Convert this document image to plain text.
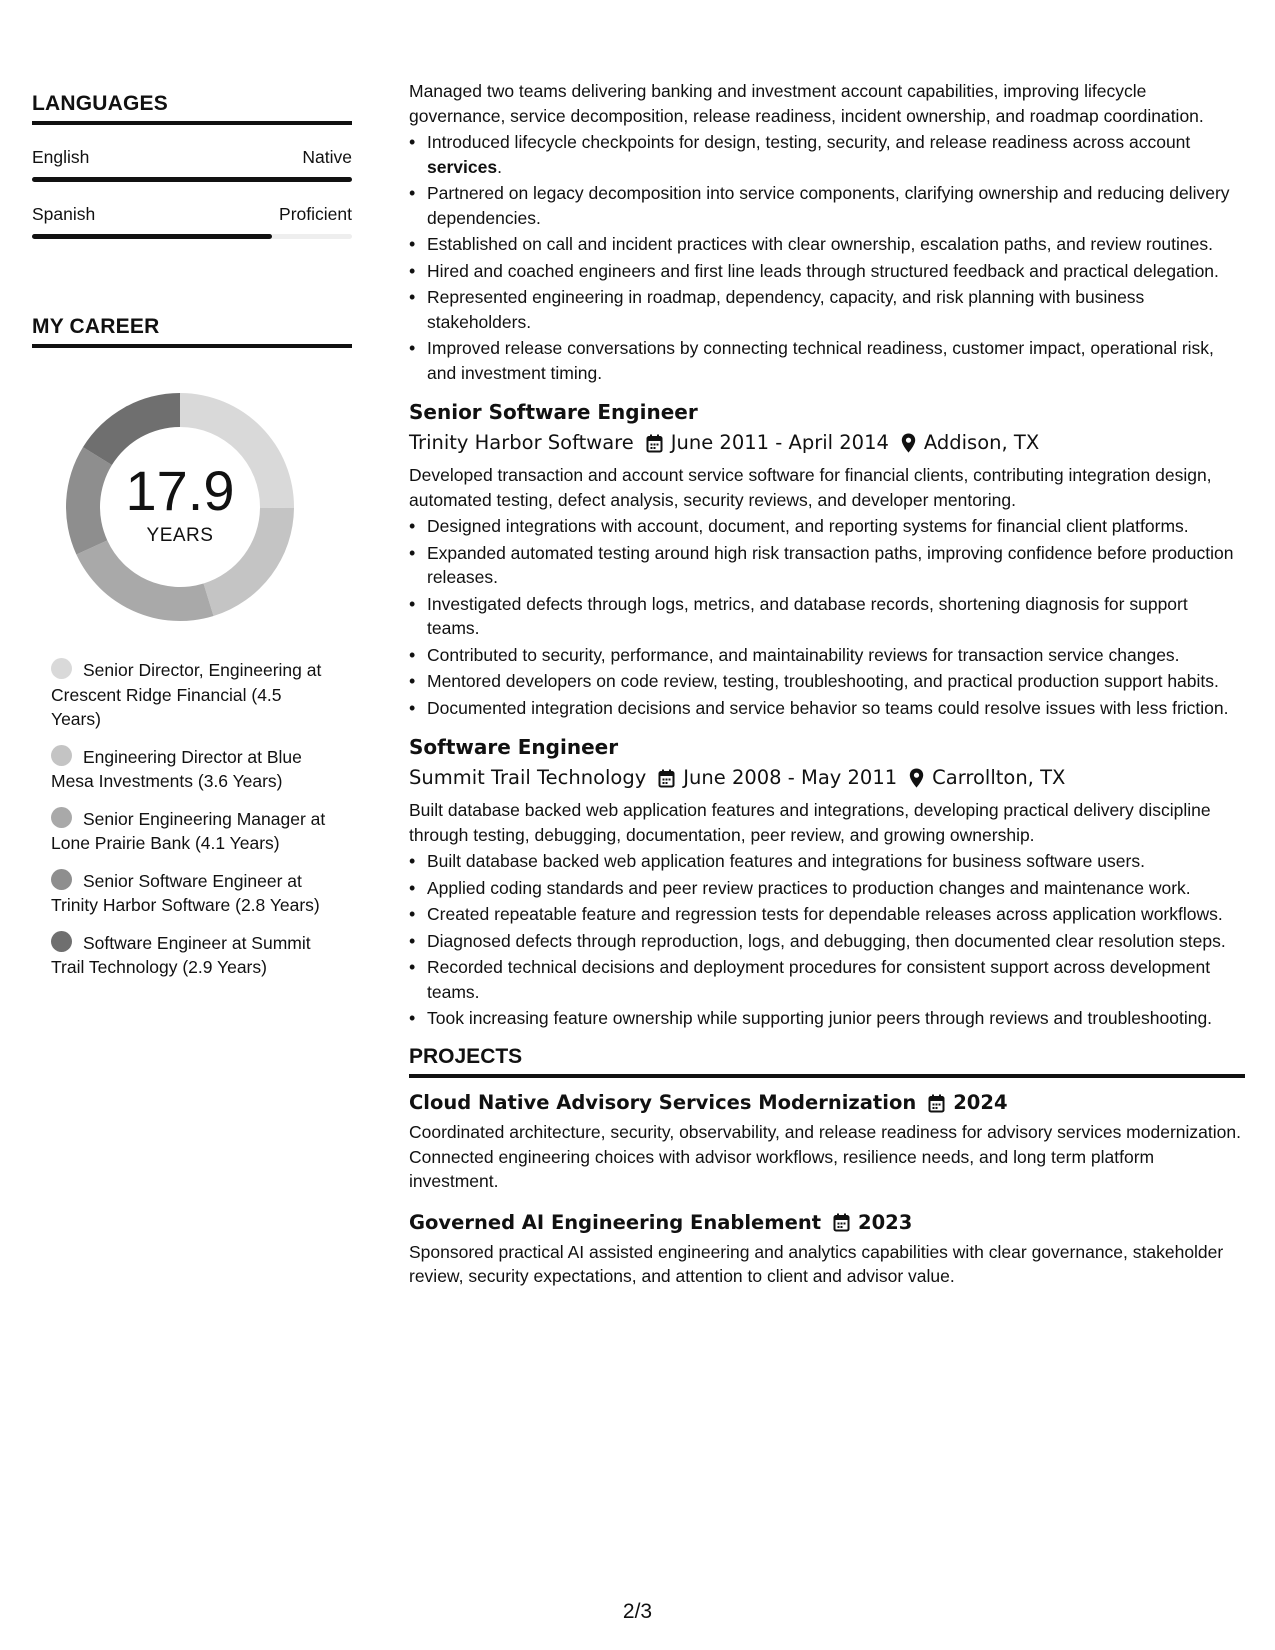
LANGUAGES
English	Native
Spanish	Proficient
MY CAREER
17.9
YEARS
Senior Director, Engineering at Crescent Ridge Financial (4.5 Years)
Engineering Director at Blue Mesa Investments (3.6 Years)
Senior Engineering Manager at Lone Prairie Bank (4.1 Years)
Senior Software Engineer at Trinity Harbor Software (2.8 Years)
Software Engineer at Summit Trail Technology (2.9 Years)

Managed two teams delivering banking and investment account capabilities, improving lifecycle governance, service decomposition, release readiness, incident ownership, and roadmap coordination.

• Introduced lifecycle checkpoints for design, testing, security, and release readiness across account services.
• Partnered on legacy decomposition into service components, clarifying ownership and reducing delivery dependencies.
• Established on call and incident practices with clear ownership, escalation paths, and review routines.
• Hired and coached engineers and first line leads through structured feedback and practical delegation.
• Represented engineering in roadmap, dependency, capacity, and risk planning with business stakeholders.
• Improved release conversations by connecting technical readiness, customer impact, operational risk, and investment timing.
Senior Software Engineer
Trinity Harbor Software June 2011 - April 2014 Addison, TX

Developed transaction and account service software for financial clients, contributing integration design, automated testing, defect analysis, security reviews, and developer mentoring.

• Designed integrations with account, document, and reporting systems for financial client platforms.
• Expanded automated testing around high risk transaction paths, improving confidence before production releases.
• Investigated defects through logs, metrics, and database records, shortening diagnosis for support teams.
• Contributed to security, performance, and maintainability reviews for transaction service changes.
• Mentored developers on code review, testing, troubleshooting, and practical production support habits.
• Documented integration decisions and service behavior so teams could resolve issues with less friction.
Software Engineer
Summit Trail Technology June 2008 - May 2011 Carrollton, TX

Built database backed web application features and integrations, developing practical delivery discipline through testing, debugging, documentation, peer review, and growing ownership.

• Built database backed web application features and integrations for business software users.
• Applied coding standards and peer review practices to production changes and maintenance work.
• Created repeatable feature and regression tests for dependable releases across application workflows.
• Diagnosed defects through reproduction, logs, and debugging, then documented clear resolution steps.
• Recorded technical decisions and deployment procedures for consistent support across development teams.
• Took increasing feature ownership while supporting junior peers through reviews and troubleshooting.
PROJECTS
Cloud Native Advisory Services Modernization 2024

Coordinated architecture, security, observability, and release readiness for advisory services modernization. Connected engineering choices with advisor workflows, resilience needs, and long term platform investment.

Governed AI Engineering Enablement 2023

Sponsored practical AI assisted engineering and analytics capabilities with clear governance, stakeholder review, security expectations, and attention to client and advisor value.

2/3
